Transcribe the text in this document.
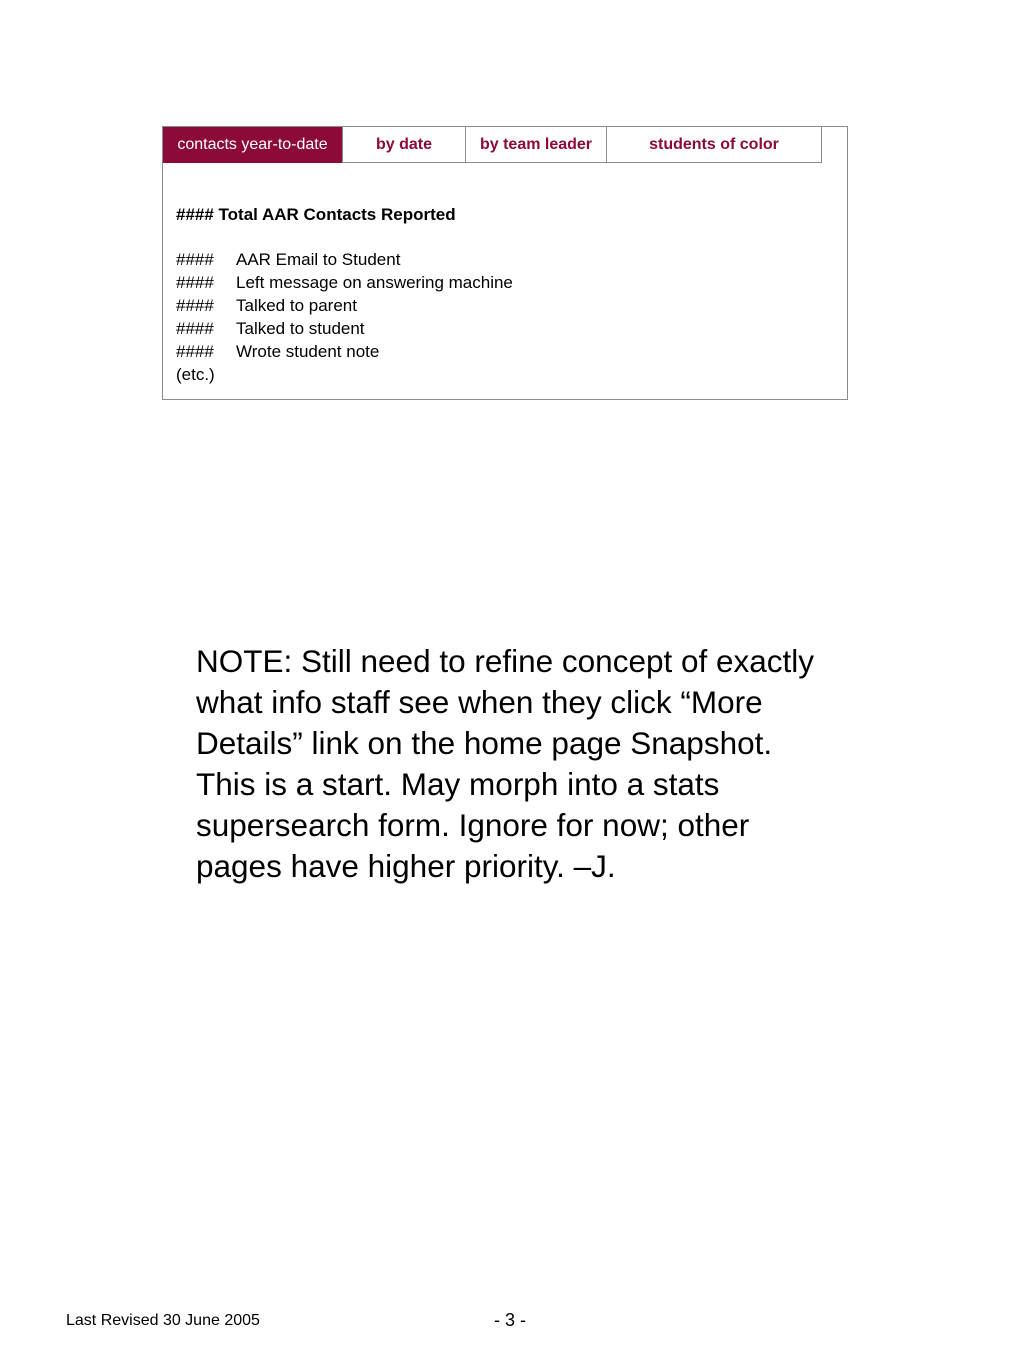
contacts year-to-date	by date	by team leader	students of color
#### Total AAR Contacts Reported
####	AAR Email to Student
####	Left message on answering machine
####	Talked to parent
####	Talked to student
####	Wrote student note
(etc.)
NOTE: Still need to refine concept of exactly what info staff see when they click “More Details” link on the home page Snapshot. This is a start. May morph into a stats supersearch form. Ignore for now; other pages have higher priority. –J.
Last Revised 30 June 2005	- 3 -
